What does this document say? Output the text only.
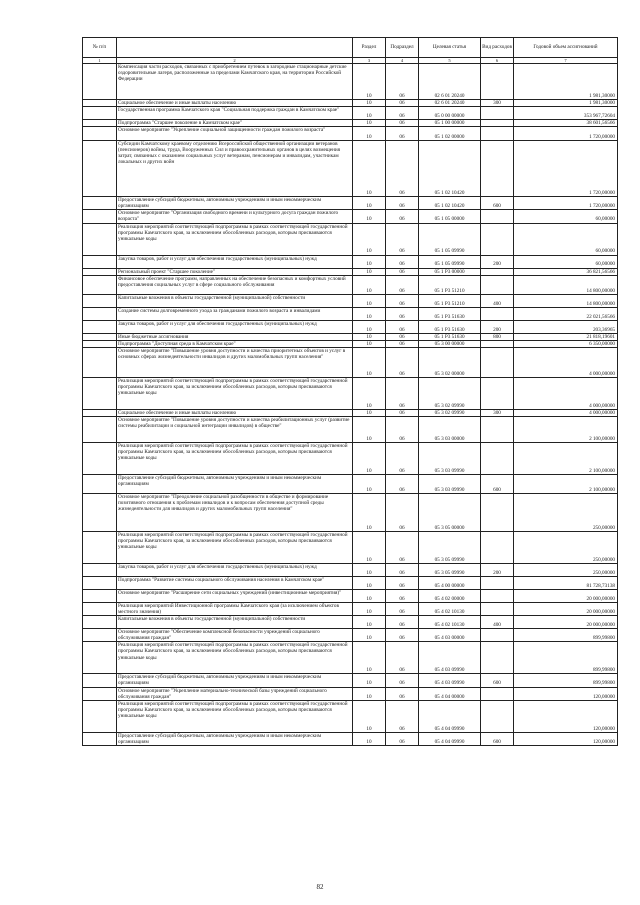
№ п/п		Раздел	Подраздел	Целевая статья	Вид расходов	Годовой объем ассигнований
1	2	3	4	5	6	7
	Компенсация части расходов, связанных с приобретением путевок в загородные стационарные детские оздоровительные лагеря, расположенные за пределами Камчатского края, на территории Российской Федерации	10	06	02 6 01 20240		1 981,30000
	Социальное обеспечение и иные выплаты населению	10	06	02 6 01 20240	300	1 981,30000
	Государственная программа Камчатского края "Социальная поддержка граждан в Камчатском крае"	10	06	05 0 00 00000		353 967,72604
	Подпрограмма "Старшее поколение в Камчатском крае"	10	06	05 1 00 00000		38 601,56566
	Основное мероприятие "Укрепление социальной защищенности граждан пожилого возраста"	10	06	05 1 02 00000		1 720,00000
	Субсидии Камчатскому краевому отделению Всероссийской общественной организации ветеранов (пенсионеров) войны, труда, Вооруженных Сил и правоохранительных органов в целях возмещения затрат, связанных с оказанием социальных услуг ветеранам, пенсионерам и инвалидам, участникам локальных и других войн	10	06	05 1 02 10420		1 720,00000
	Предоставление субсидий бюджетным, автономным учреждениям и иным некоммерческим организациям	10	06	05 1 02 10420	600	1 720,00000
	Основное мероприятие "Организация свободного времени и культурного досуга граждан пожилого возраста"	10	06	05 1 05 00000		60,00000
	Реализация мероприятий соответствующей подпрограммы в рамках соответствующей государственной программы Камчатского края, за исключением обособленных расходов, которым присваиваются уникальные коды	10	06	05 1 05 09990		60,00000
	Закупка товаров, работ и услуг для обеспечения государственных (муниципальных) нужд	10	06	05 1 05 09990	200	60,00000
	Региональный проект "Старшее поколение"	10	06	05 1 P3 00000		36 821,56566
	Финансовое обеспечение программ, направленных на обеспечение безопасных и комфортных условий предоставления социальных услуг в сфере социального обслуживания	10	06	05 1 P3 51210		14 800,00000
	Капитальные вложения в объекты государственной (муниципальной) собственности	10	06	05 1 P3 51210	400	14 800,00000
	Создание системы долговременного ухода за гражданами пожилого возраста и инвалидами	10	06	05 1 P3 51630		22 021,56566
	Закупка товаров, работ и услуг для обеспечения государственных (муниципальных) нужд	10	06	05 1 P3 51630	200	203,36965
	Иные бюджетные ассигнования	10	06	05 1 P3 51630	800	21 818,19601
	Подпрограмма "Доступная среда в Камчатском крае"	10	06	05 3 00 00000		6 350,00000
	Основное мероприятие "Повышение уровня доступности и качества приоритетных объектов и услуг в основных сферах жизнедеятельности инвалидов и других маломобильных групп населения"	10	06	05 3 02 00000		4 000,00000
	Реализация мероприятий соответствующей подпрограммы в рамках соответствующей государственной программы Камчатского края, за исключением обособленных расходов, которым присваиваются уникальные коды	10	06	05 3 02 09990		4 000,00000
	Социальное обеспечение и иные выплаты населению	10	06	05 3 02 09990	300	4 000,00000
	Основное мероприятие "Повышение уровня доступности и качества реабилитационных услуг (развитие системы реабилитации и социальной интеграции инвалидов) в обществе"	10	06	05 3 03 00000		2 100,00000
	Реализация мероприятий соответствующей подпрограммы в рамках соответствующей государственной программы Камчатского края, за исключением обособленных расходов, которым присваиваются уникальные коды	10	06	05 3 03 09990		2 100,00000
	Предоставление субсидий бюджетным, автономным учреждениям и иным некоммерческим организациям	10	06	05 3 03 09990	600	2 100,00000
	Основное мероприятие "Преодоление социальной разобщенности в обществе и формирование позитивного отношения к проблемам инвалидов и к вопросам обеспечения доступной среды жизнедеятельности для инвалидов и других маломобильных групп населения"	10	06	05 3 05 00000		250,00000
	Реализация мероприятий соответствующей подпрограммы в рамках соответствующей государственной программы Камчатского края, за исключением обособленных расходов, которым присваиваются уникальные коды	10	06	05 3 05 09990		250,00000
	Закупка товаров, работ и услуг для обеспечения государственных (муниципальных) нужд	10	06	05 3 05 09990	200	250,00000
	Подпрограмма "Развитие системы социального обслуживания населения в Камчатском крае"	10	06	05 4 00 00000		81 728,73138
	Основное мероприятие "Расширение сети социальных учреждений (инвестиционные мероприятия)"	10	06	05 4 02 00000		20 000,00000
	Реализация мероприятий Инвестиционной программы Камчатского края (за исключением объектов местного значения)	10	06	05 4 02 10130		20 000,00000
	Капитальные вложения в объекты государственной (муниципальной) собственности	10	06	05 4 02 10130	400	20 000,00000
	Основное мероприятие "Обеспечение комплексной безопасности учреждений социального обслуживания граждан"	10	06	05 4 03 00000		899,99800
	Реализация мероприятий соответствующей подпрограммы в рамках соответствующей государственной программы Камчатского края, за исключением обособленных расходов, которым присваиваются уникальные коды	10	06	05 4 03 09990		899,99800
	Предоставление субсидий бюджетным, автономным учреждениям и иным некоммерческим организациям	10	06	05 4 03 09990	600	899,99800
	Основное мероприятие "Укрепление материально-технической базы учреждений социального обслуживания граждан"	10	06	05 4 04 00000		120,00000
	Реализация мероприятий соответствующей подпрограммы в рамках соответствующей государственной программы Камчатского края, за исключением обособленных расходов, которым присваиваются уникальные коды	10	06	05 4 04 09990		120,00000
	Предоставление субсидий бюджетным, автономным учреждениям и иным некоммерческим организациям	10	06	05 4 04 09990	600	120,00000
82
